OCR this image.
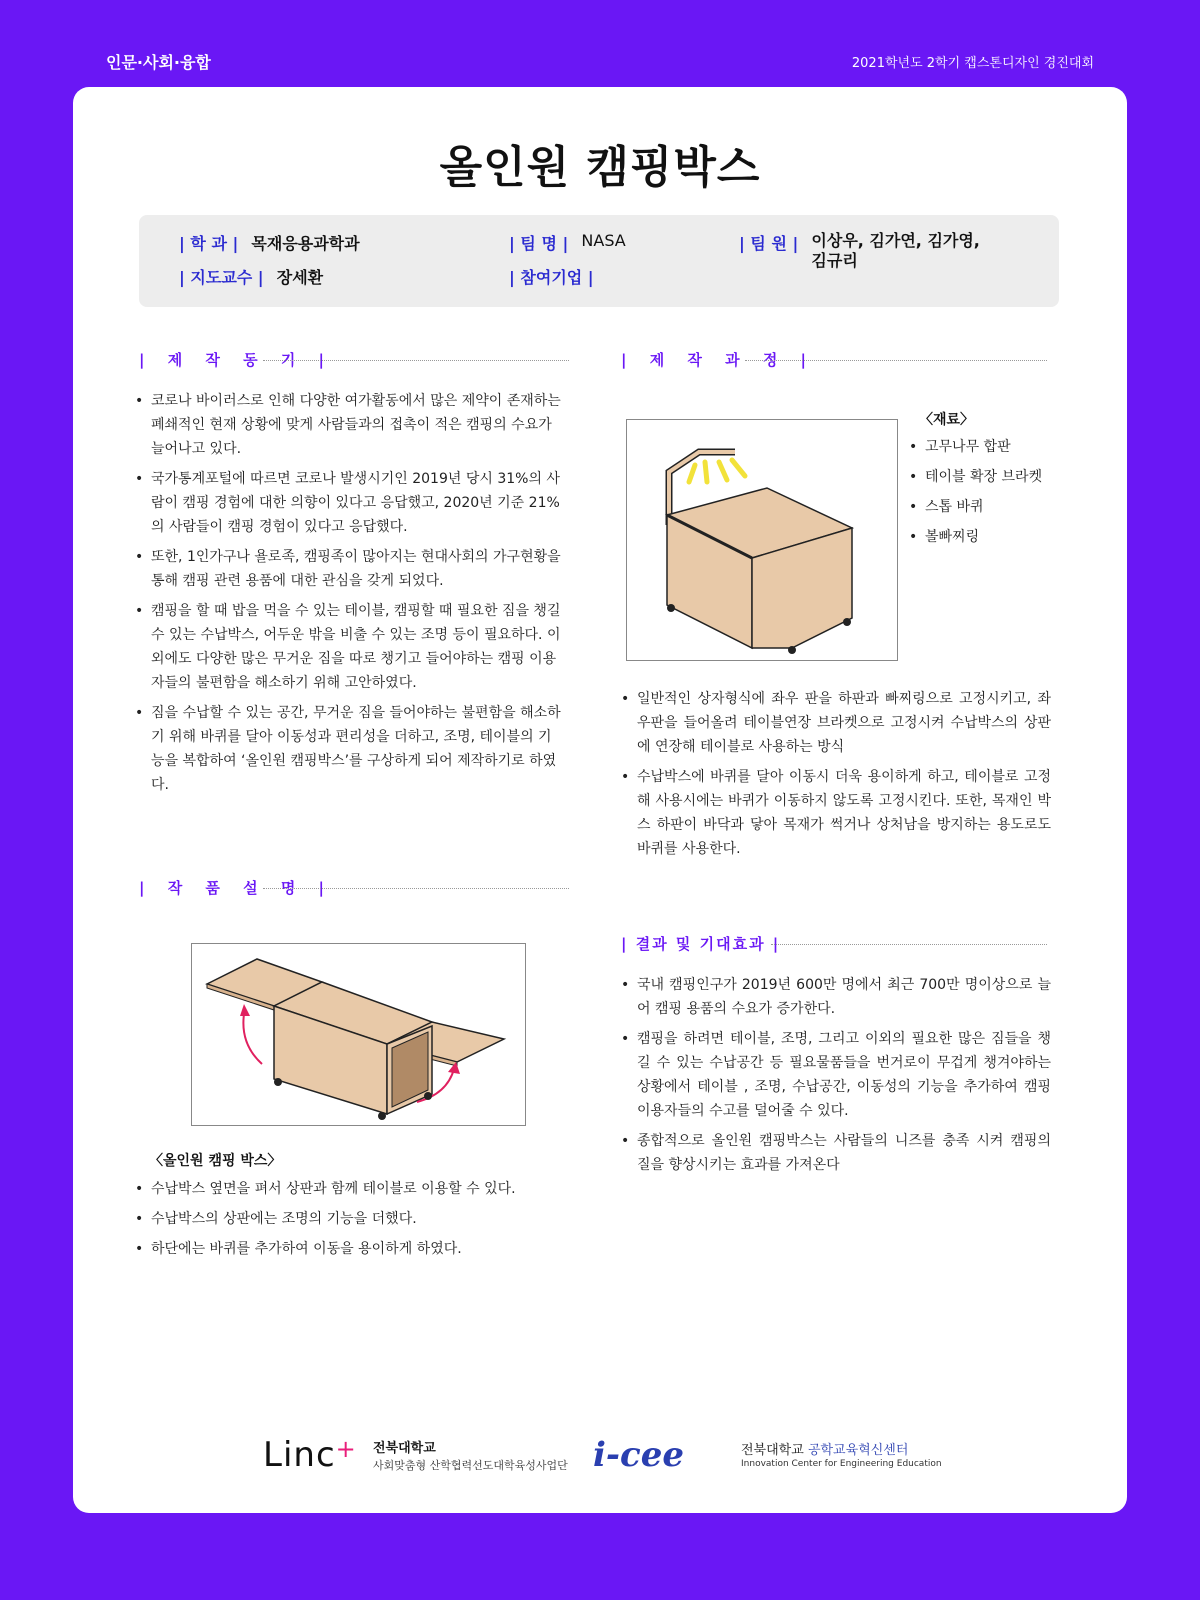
인문·사회·융합	2021학년도 2학기 캡스톤디자인 경진대회
올인원 캠핑박스
| 학 과 | 목재응용과학과
| 지도교수 | 장세환
| 팀 명 | NASA
| 참여기업 |
| 팀 원 | 이상우, 김가연, 김가영,
김규리
| 제 작 동 기 |
• 코로나 바이러스로 인해 다양한 여가활동에서 많은 제약이 존재하는 폐쇄적인 현재 상황에 맞게 사람들과의 접촉이 적은 캠핑의 수요가 늘어나고 있다.
• 국가통계포털에 따르면 코로나 발생시기인 2019년 당시 31%의 사람이 캠핑 경험에 대한 의향이 있다고 응답했고, 2020년 기준 21%의 사람들이 캠핑 경험이 있다고 응답했다.
• 또한, 1인가구나 욜로족, 캠핑족이 많아지는 현대사회의 가구현황을 통해 캠핑 관련 용품에 대한 관심을 갖게 되었다.
• 캠핑을 할 때 밥을 먹을 수 있는 테이블, 캠핑할 때 필요한 짐을 챙길 수 있는 수납박스, 어두운 밖을 비출 수 있는 조명 등이 필요하다. 이외에도 다양한 많은 무거운 짐을 따로 챙기고 들어야하는 캠핑 이용자들의 불편함을 해소하기 위해 고안하였다.
• 짐을 수납할 수 있는 공간, 무거운 짐을 들어야하는 불편함을 해소하기 위해 바퀴를 달아 이동성과 편리성을 더하고, 조명, 테이블의 기능을 복합하여 ‘올인원 캠핑박스’를 구상하게 되어 제작하기로 하였다.
| 제 작 과 정 |
〈재료〉
• 고무나무 합판
• 테이블 확장 브라켓
• 스톱 바퀴
• 볼빠찌링
• 일반적인 상자형식에 좌우 판을 하판과 빠찌링으로 고정시키고, 좌우판을 들어올려 테이블연장 브라켓으로 고정시켜 수납박스의 상판에 연장해 테이블로 사용하는 방식
• 수납박스에 바퀴를 달아 이동시 더욱 용이하게 하고, 테이블로 고정해 사용시에는 바퀴가 이동하지 않도록 고정시킨다. 또한, 목재인 박스 하판이 바닥과 닿아 목재가 썩거나 상처남을 방지하는 용도로도 바퀴를 사용한다.
| 작 품 설 명 |
〈올인원 캠핑 박스〉
• 수납박스 옆면을 펴서 상판과 함께 테이블로 이용할 수 있다.
• 수납박스의 상판에는 조명의 기능을 더했다.
• 하단에는 바퀴를 추가하여 이동을 용이하게 하였다.
| 결과 및 기대효과 |
• 국내 캠핑인구가 2019년 600만 명에서 최근 700만 명이상으로 늘어 캠핑 용품의 수요가 증가한다.
• 캠핑을 하려면 테이블, 조명, 그리고 이외의 필요한 많은 짐들을 챙길 수 있는 수납공간 등 필요물품들을 번거로이 무겁게 챙겨야하는 상황에서 테이블 , 조명, 수납공간, 이동성의 기능을 추가하여 캠핑 이용자들의 수고를 덜어줄 수 있다.
• 종합적으로 올인원 캠핑박스는 사람들의 니즈를 충족 시켜 캠핑의 질을 향상시키는 효과를 가져온다
Linc+ 전북대학교
사회맞춤형 산학협력선도대학육성사업단 i-cee	전북대학교 공학교육혁신센터
Innovation Center for Engineering Education
